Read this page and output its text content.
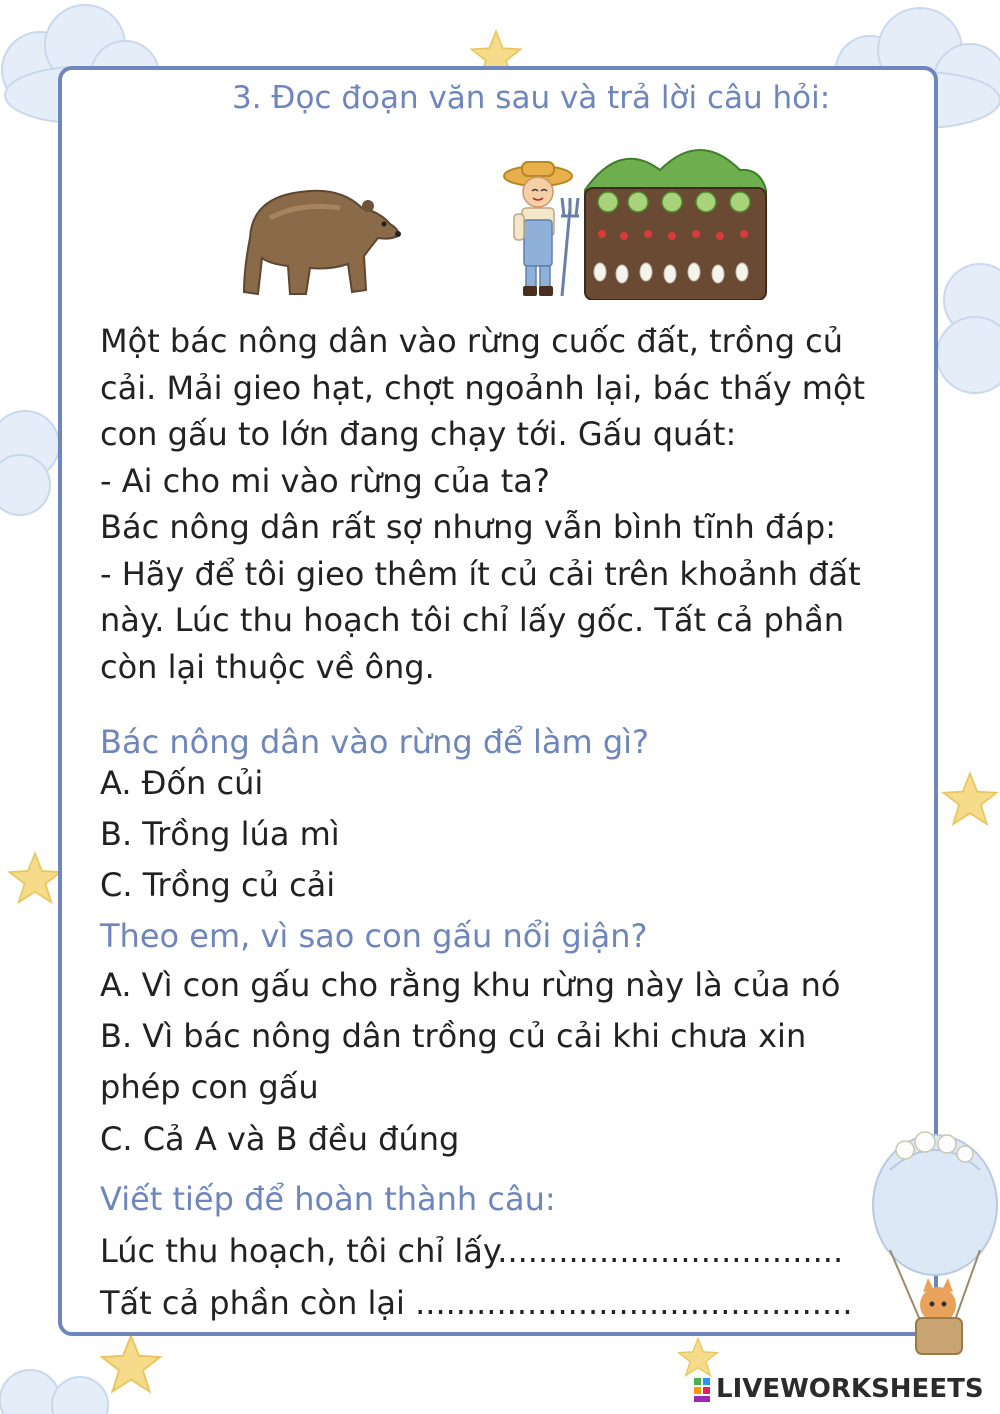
3. Đọc đoạn văn sau và trả lời câu hỏi:
Một bác nông dân vào rừng cuốc đất, trồng củ
cải. Mải gieo hạt, chợt ngoảnh lại, bác thấy một
con gấu to lớn đang chạy tới. Gấu quát:
- Ai cho mi vào rừng của ta?
Bác nông dân rất sợ nhưng vẫn bình tĩnh đáp:
- Hãy để tôi gieo thêm ít củ cải trên khoảnh đất
này. Lúc thu hoạch tôi chỉ lấy gốc. Tất cả phần
còn lại thuộc về ông.
Bác nông dân vào rừng để làm gì?
A. Đốn củi
B. Trồng lúa mì
C. Trồng củ cải
Theo em, vì sao con gấu nổi giận?
A. Vì con gấu cho rằng khu rừng này là của nó
B. Vì bác nông dân trồng củ cải khi chưa xin
phép con gấu
C. Cả A và B đều đúng
Viết tiếp để hoàn thành câu:
Lúc thu hoạch, tôi chỉ lấy..................................
Tất cả phần còn lại ...........................................
LIVEWORKSHEETS
